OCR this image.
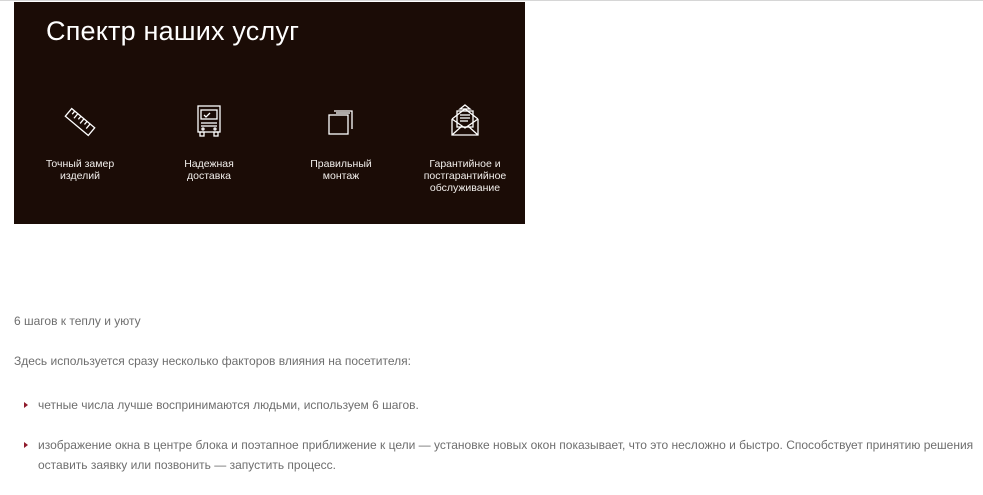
Спектр наших услуг
Точный замер
изделий
Надежная
доставка
Правильный
монтаж
Гарантийное и
постгарантийное
обслуживание

6 шагов к теплу и уюту

Здесь используется сразу несколько факторов влияния на посетителя:

четные числа лучше воспринимаются людьми, используем 6 шагов.
изображение окна в центре блока и поэтапное приближение к цели — установке новых окон показывает, что это несложно и быстро. Способствует принятию решения оставить заявку или позвонить — запустить процесс.
